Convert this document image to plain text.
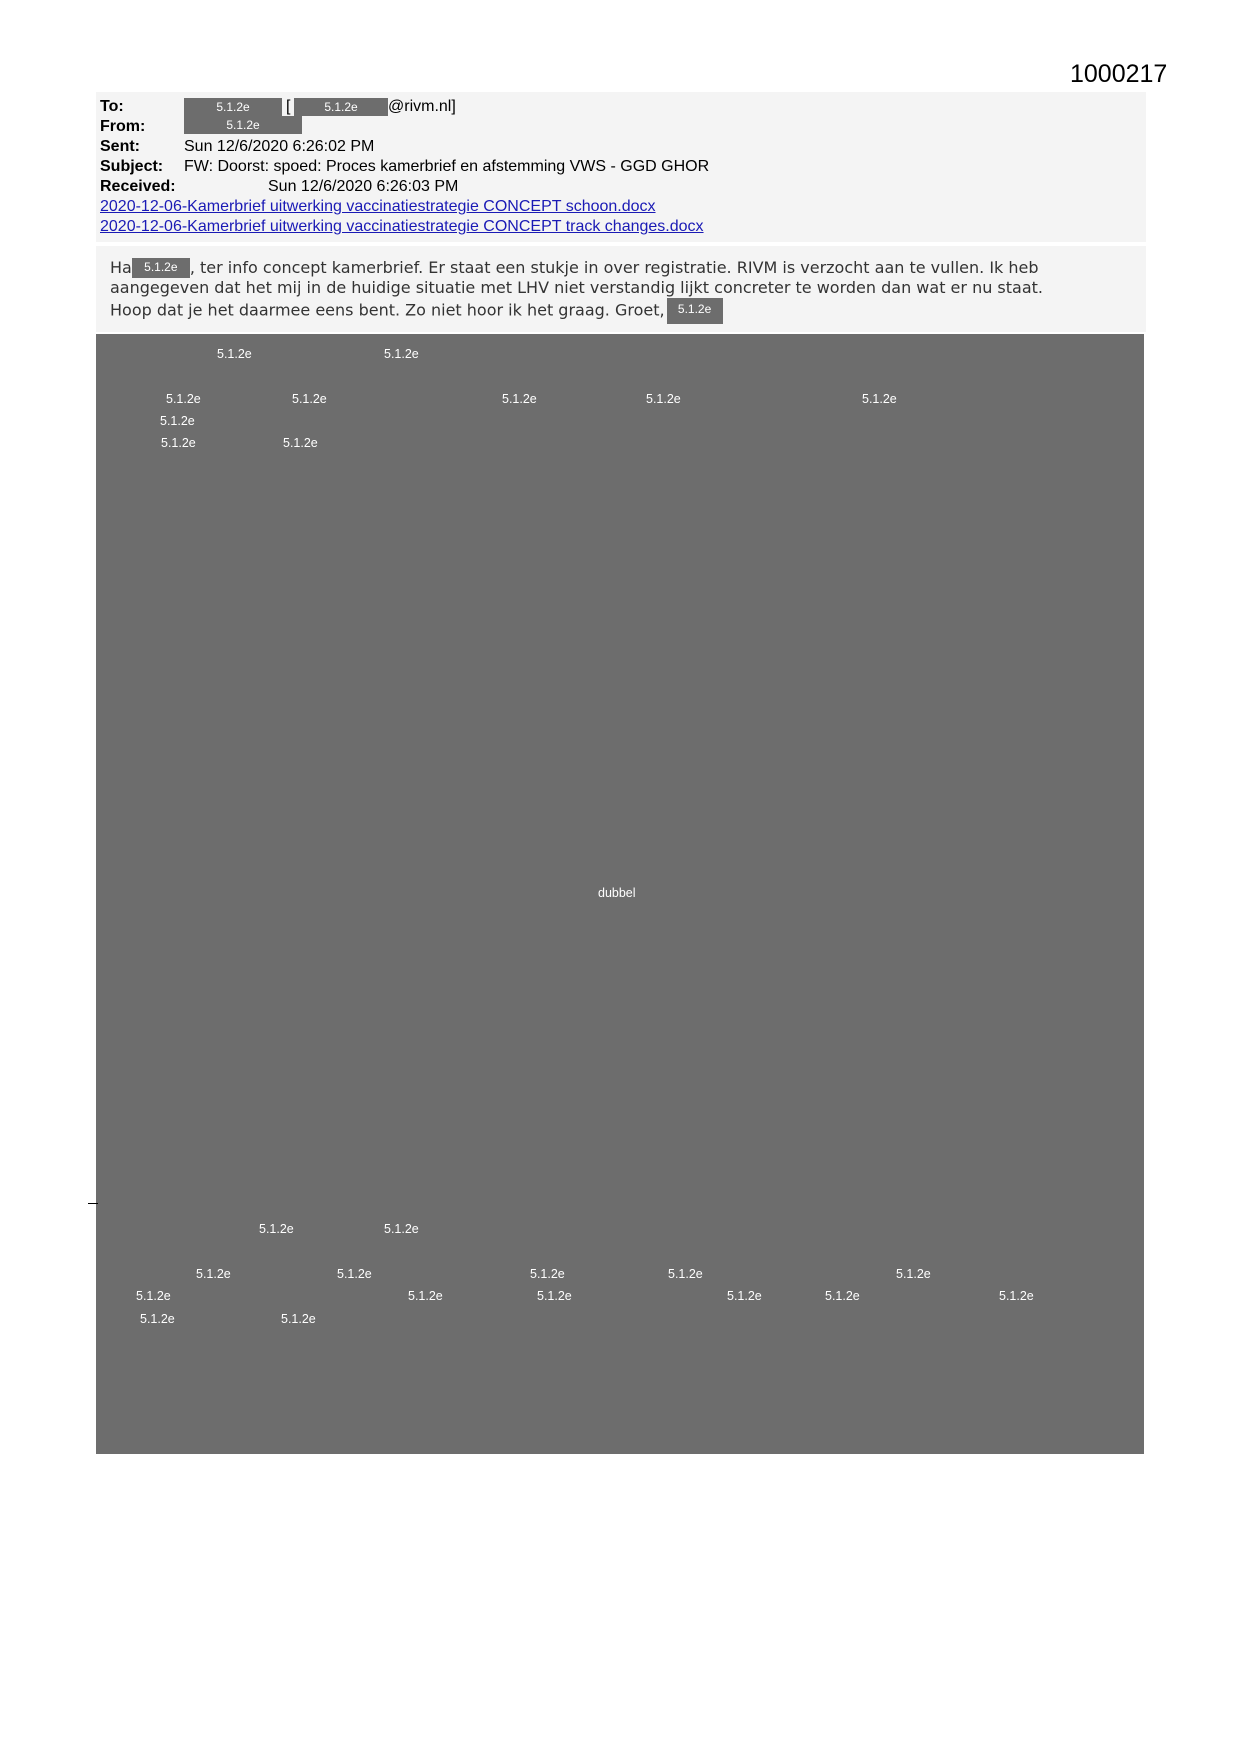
1000217
To:	5.1.2e	[	5.1.2e	@rivm.nl]
From:	5.1.2e
Sent:	Sun 12/6/2020 6:26:02 PM
Subject: FW: Doorst: spoed: Proces kamerbrief en afstemming VWS - GGD GHOR
Received:	Sun 12/6/2020 6:26:03 PM
2020-12-06-Kamerbrief uitwerking vaccinatiestrategie CONCEPT schoon.docx
2020-12-06-Kamerbrief uitwerking vaccinatiestrategie CONCEPT track changes.docx
Ha 5.1.2e , ter info concept kamerbrief. Er staat een stukje in over registratie. RIVM is verzocht aan te vullen. Ik heb
aangegeven dat het mij in de huidige situatie met LHV niet verstandig lijkt concreter te worden dan wat er nu staat.
Hoop dat je het daarmee eens bent. Zo niet hoor ik het graag. Groet, 5.1.2e
5.1.2e	5.1.2e
5.1.2e	5.1.2e	5.1.2e	5.1.2e	5.1.2e
5.1.2e
5.1.2e	5.1.2e
dubbel
5.1.2e	5.1.2e
5.1.2e	5.1.2e	5.1.2e	5.1.2e	5.1.2e
5.1.2e	5.1.2e	5.1.2e	5.1.2e	5.1.2e	5.1.2e
5.1.2e	5.1.2e
